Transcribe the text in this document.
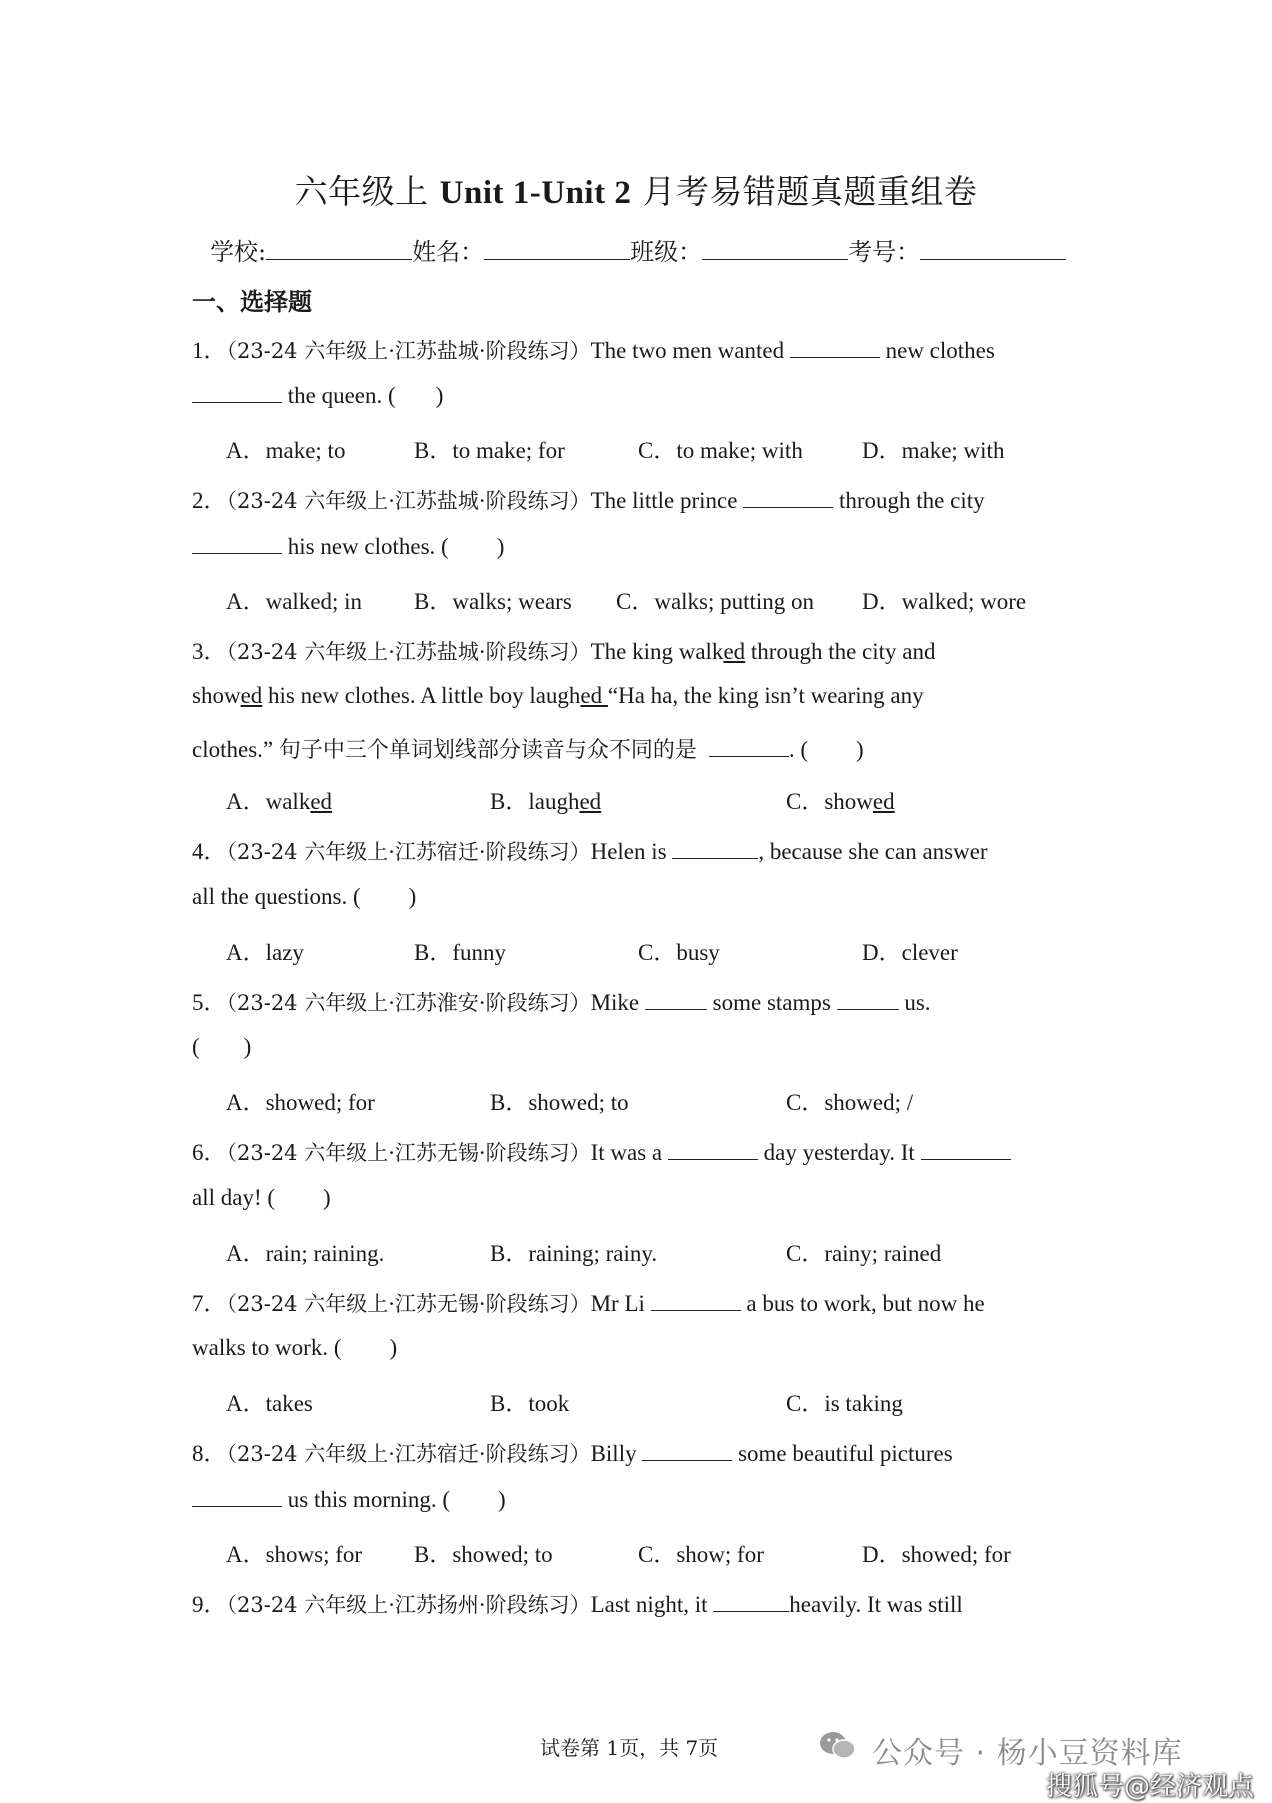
六年级上 Unit 1-Unit 2 月考易错题真题重组卷
学校:	姓名：	班级：	考号：
一、选择题
1．（23-24 六年级上·江苏盐城·阶段练习）The two men wanted	new clothes
the queen. ( )
A．make; to	B．to make; for	C．to make; with	D．make; with
2．（23-24 六年级上·江苏盐城·阶段练习）The little prince	through the city
his new clothes. ( )
A．walked; in B．walks; wears C．walks; putting on D．walked; wore
3．（23-24 六年级上·江苏盐城·阶段练习）The king walked through the city and
showed his new clothes. A little boy laughed “Ha ha, the king isn’t wearing any
clothes.” 句子中三个单词划线部分读音与众不同的是	. ( )
A．walked	B．laughed	C．showed
4．（23-24 六年级上·江苏宿迁·阶段练习）Helen is	, because she can answer
all the questions. ( )
A．lazy	B．funny	C．busy	D．clever
5．（23-24 六年级上·江苏淮安·阶段练习）Mike	some stamps	us.
( )
A．showed; for	B．showed; to	C．showed; /
6．（23-24 六年级上·江苏无锡·阶段练习）It was a	day yesterday. It
all day! ( )
A．rain; raining.	B．raining; rainy.	C．rainy; rained
7．（23-24 六年级上·江苏无锡·阶段练习）Mr Li	a bus to work, but now he
walks to work. ( )
A．takes	B．took	C．is taking
8．（23-24 六年级上·江苏宿迁·阶段练习）Billy	some beautiful pictures
us this morning. ( )
A．shows; for B．showed; to	C．show; for	D．showed; for
9．（23-24 六年级上·江苏扬州·阶段练习）Last night, it	heavily. It was still
试卷第 1页，共 7页	公众号 · 杨小豆资料库
搜狐号@经济观点
